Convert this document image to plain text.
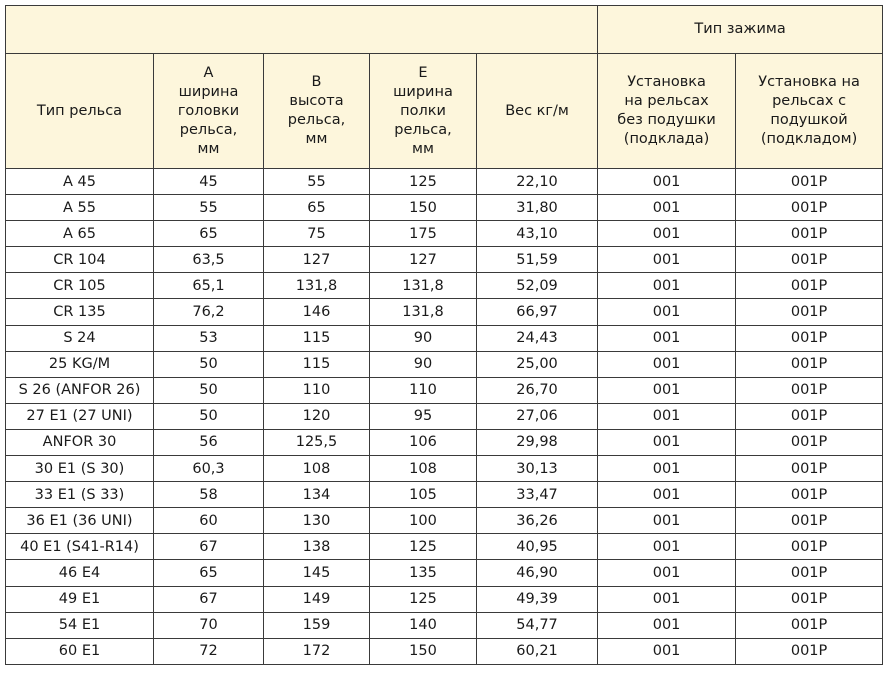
					Тип зажима	

Тип рельса	A
ширина
головки
рельса,
мм	B
высота
рельса,
мм	E
ширина
полки
рельса,
мм	Вес кг/м	Установка
на рельсах
без подушки
(подклада)	Установка на
рельсах с
подушкой
(подкладом)

A 45	45	55	125	22,10	001	001P
A 55	55	65	150	31,80	001	001P
A 65	65	75	175	43,10	001	001P
CR 104	63,5	127	127	51,59	001	001P
CR 105	65,1	131,8	131,8	52,09	001	001P
CR 135	76,2	146	131,8	66,97	001	001P
S 24	53	115	90	24,43	001	001P
25 KG/M	50	115	90	25,00	001	001P
S 26 (ANFOR 26)	50	110	110	26,70	001	001P
27 E1 (27 UNI)	50	120	95	27,06	001	001P
ANFOR 30	56	125,5	106	29,98	001	001P
30 E1 (S 30)	60,3	108	108	30,13	001	001P
33 E1 (S 33)	58	134	105	33,47	001	001P
36 E1 (36 UNI)	60	130	100	36,26	001	001P
40 E1 (S41-R14)	67	138	125	40,95	001	001P
46 E4	65	145	135	46,90	001	001P
49 E1	67	149	125	49,39	001	001P
54 E1	70	159	140	54,77	001	001P
60 E1	72	172	150	60,21	001	001P
